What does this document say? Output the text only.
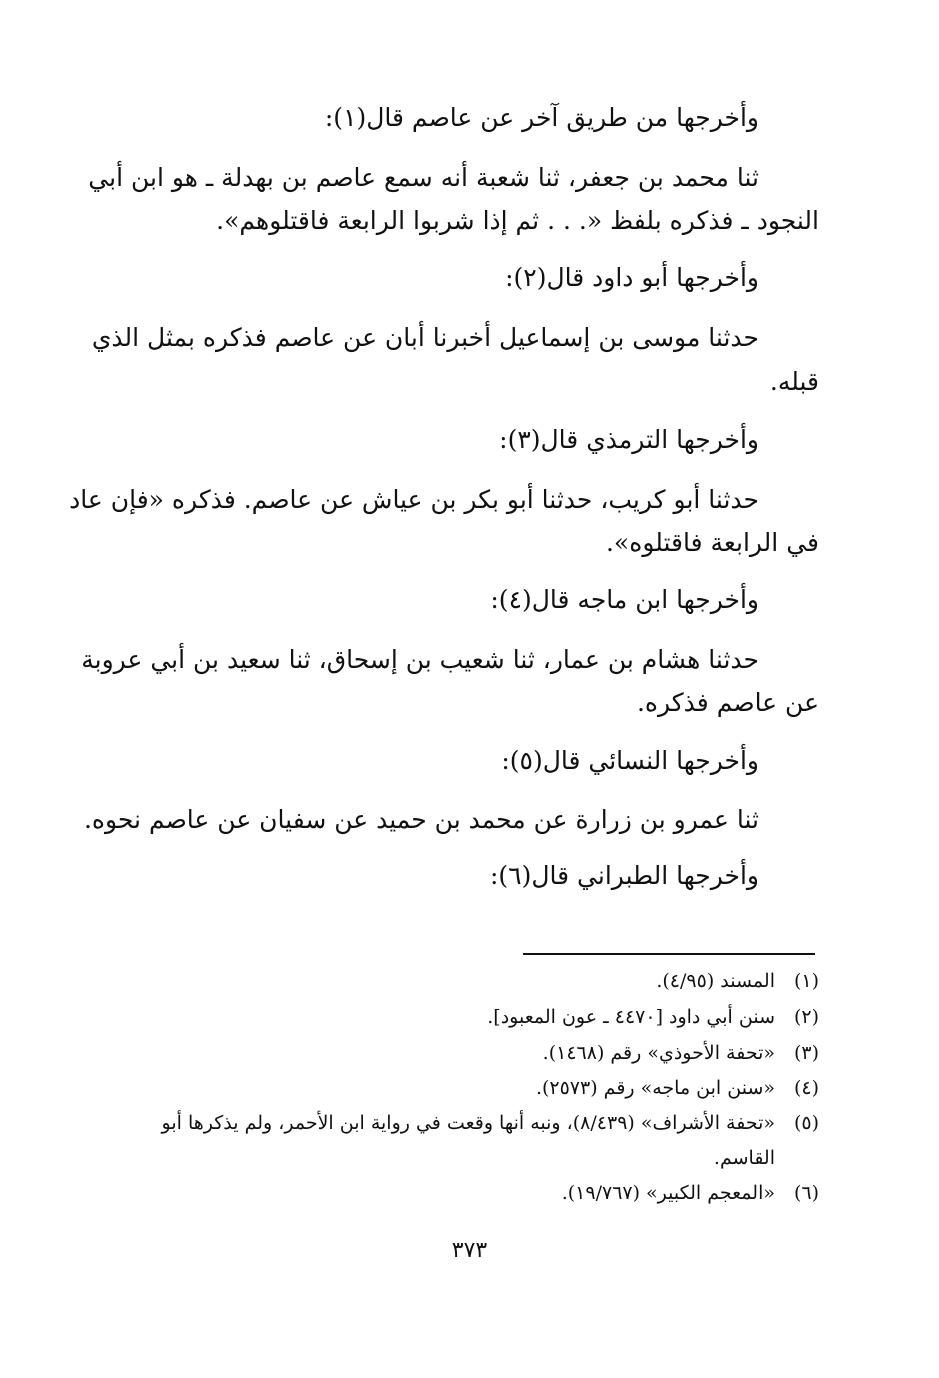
وأخرجها من طريق آخر عن عاصم قال(١):
ثنا محمد بن جعفر، ثنا شعبة أنه سمع عاصم بن بهدلة ـ هو ابن أبي
النجود ـ فذكره بلفظ «. . . ثم إذا شربوا الرابعة فاقتلوهم».
وأخرجها أبو داود قال(٢):
حدثنا موسى بن إسماعيل أخبرنا أبان عن عاصم فذكره بمثل الذي
قبله.
وأخرجها الترمذي قال(٣):
حدثنا أبو كريب، حدثنا أبو بكر بن عياش عن عاصم. فذكره «فإن عاد
في الرابعة فاقتلوه».
وأخرجها ابن ماجه قال(٤):
حدثنا هشام بن عمار، ثنا شعيب بن إسحاق، ثنا سعيد بن أبي عروبة
عن عاصم فذكره.
وأخرجها النسائي قال(٥):
ثنا عمرو بن زرارة عن محمد بن حميد عن سفيان عن عاصم نحوه.
وأخرجها الطبراني قال(٦):
(١)المسند (٤/٩٥).
(٢)سنن أبي داود [٤٤٧٠ ـ عون المعبود].
(٣)«تحفة الأحوذي» رقم (١٤٦٨).
(٤)«سنن ابن ماجه» رقم (٢٥٧٣).
(٥)«تحفة الأشراف» (٨/٤٣٩)، ونبه أنها وقعت في رواية ابن الأحمر، ولم يذكرها أبو
القاسم.
(٦)«المعجم الكبير» (١٩/٧٦٧).
٣٧٣
